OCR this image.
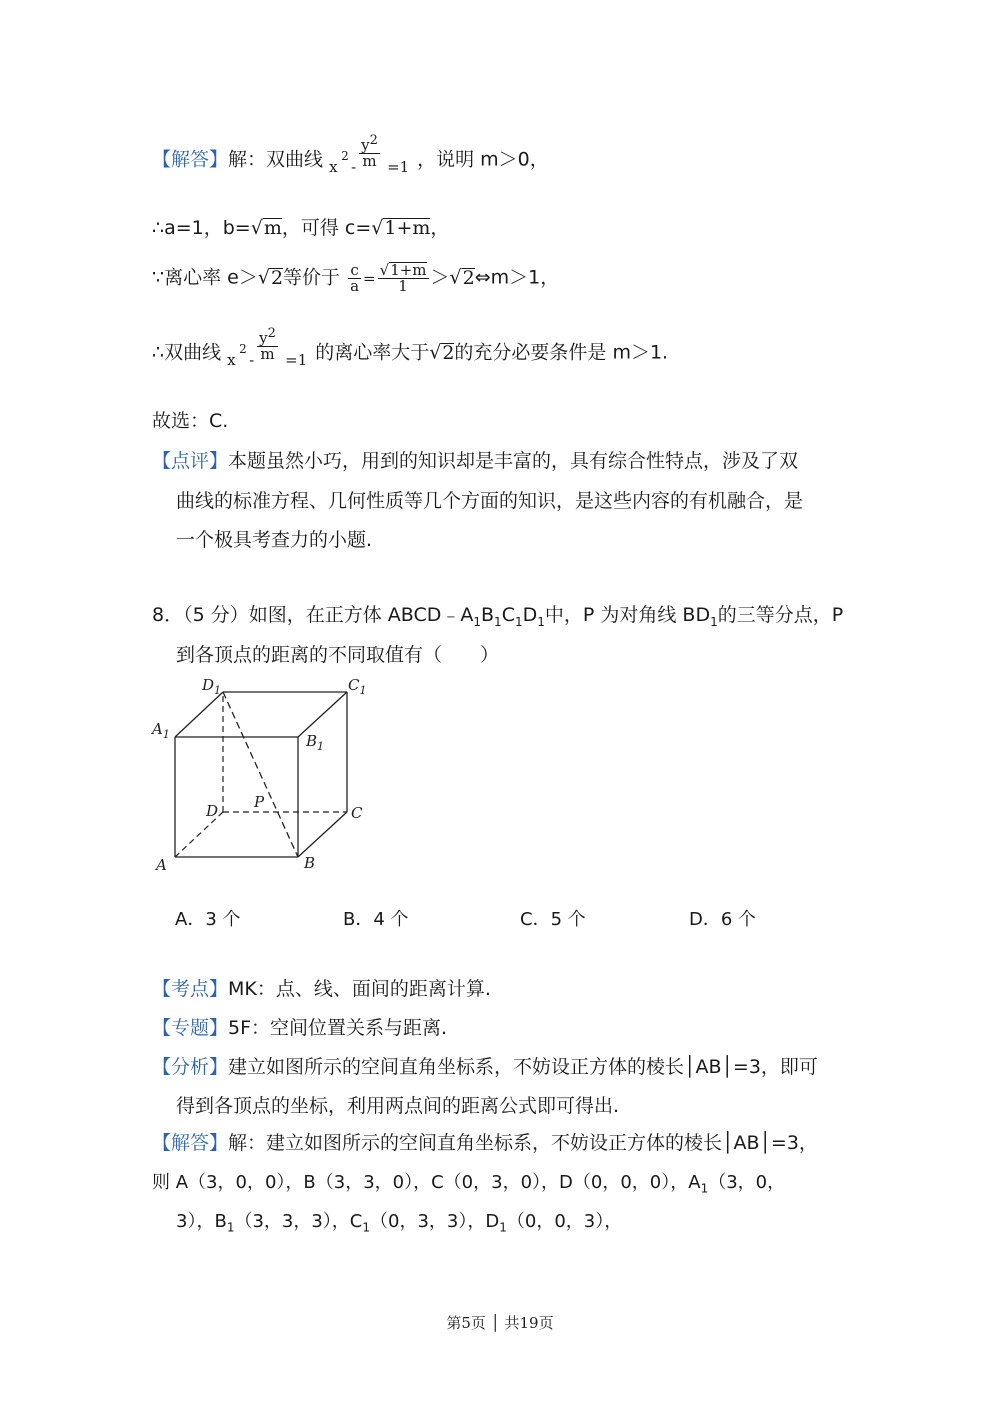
【解答】解：双曲线 x
2
- $\frac{y^2}{m} =1$ ，说明 m＞0，
∴a=1，b=√m，可得 c=√1+m，
∵离心率 e＞√2等价于 $\frac{c}{a} = \frac{√1+m}{1}$ ＞√2⇔m＞1，
∴双曲线 x
2
- $\frac{y^2}{m} =1$ 的离心率大于√2的充分必要条件是 m＞1.
故选：C.
【点评】本题虽然小巧，用到的知识却是丰富的，具有综合性特点，涉及了双
曲线的标准方程、几何性质等几个方面的知识，是这些内容的有机融合，是
一个极具考查力的小题.
8．（5 分）如图，在正方体 $ABCD﹣A_1B_1C_1D_1$中，P 为对角线 $BD_1$的三等分点，P
到各顶点的距离的不同取值有（　　）
$D_1$	$C_1$
$A_1$	$B_1$
D P
C
A	B
A．3 个	B．4 个	C．5 个	D．6 个
【考点】MK：点、线、面间的距离计算.
【专题】5F：空间位置关系与距离.
【分析】建立如图所示的空间直角坐标系，不妨设正方体的棱长│AB│=3，即可
得到各顶点的坐标，利用两点间的距离公式即可得出.
【解答】解：建立如图所示的空间直角坐标系，不妨设正方体的棱长│AB│=3，
则 A（3，0，0），B（3，3，0），C（0，3，0），D（0，0，0），$A_1(3$，0，
3），$B_1(3$，3，3），$C_1(0$，3，3），$D_1(0$，0，3），
第5页 │ 共19页
